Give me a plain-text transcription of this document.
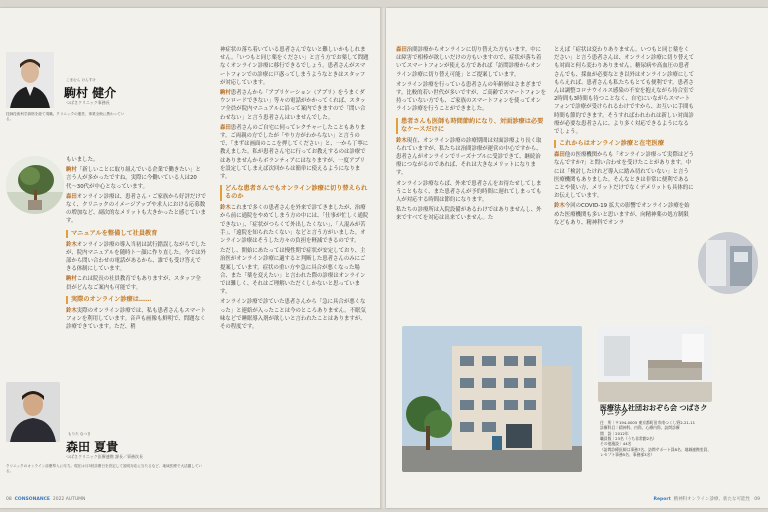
こまむら けんすけ
駒村 健介
つばさクリニック事務長
技師技術科学資格を経て現職。クリニックの運営、事業全般に携わっている。

もいました。

駒村「新しいことに取り組んでいる企業で働きたい」と言う人が多かったですね。実際に今働いている人は20代〜30代が中心となっています。

森田オンライン診療は、患者さん・ご家族から好評だけでなく、クリニックのイメージアップや求人における応募数の増加など、副次的なメリットも大きかったと感じています。

マニュアルを整備して社員教育

鈴木オンライン診療の導入当初は試行錯誤しながらでしたが、院内マニュアルを随時ト－顔に作り直した。今では外部から問い合わせの電話があるから、誰でも受け答えできる体制にしています。

駒村これは院長の社員教育でもありますが、スタッフ全員がどんなご案内も可能です。

実際のオンライン診療は……

鈴木実際のオンライン診療では、私も患者さんもスマートフォンを利用しています。音声も画像も鮮明で、問題なく診療できています。ただ、稍

もりた なつき
森田 夏貴
つばさクリニック医療連携 課長／事務次長
クリニックのオンライン診療導入に尽力。現在は月3回診療日を設定して説明対応に当たるなど、地域医療で大活躍している。

神症状の落ち着いている患者さんでないと難しいかもしれません。「いつもと同じ薬をください」と言う方でお薬して問題なくオンライン診療に移行できるでしょう。患者さんがスマートフォンでの診療に戸惑ってしまうようなときはスタッフが対応しています。

駒村患者さんから「アプリケーション（アプリ）をうまくダウンロードできない」等々の電話がかかってくれば、スタッフ全員が院内マニュアルに沿って案内できますので「問い合わせない」と言う患者さんはいませんでした。

森田患者さんのご自宅に伺ってレクチャーしたこともあります。ご両親の方でしたが「やり方がわからない」と言うので、「まずは画面のここを押してください」と、一から丁寧に教えました。私が患者さん宅に行ってお教えするのは診療ではありませんからボランティアにはなりますが、一度アプリを設定してしまえば次回からは簡単に使えるようになります。

どんな患者さんでもオンライン診療に切り替えられるのか

鈴木これまで多くの患者さんを外来で診てきましたが、治療から前に通院をやめてしまう方の中には、「仕事が忙しく通院できない」、「症状がつらくて外出したくない」、「人混みが苦手」、「遠院を知られたくない」などと言う方がいました。オンライン診療はそうした方々の負担を軽減できるのです。

ただし、開始にあたっては慢性期で症状が安定しており、主治医がオンライン診療に適すると判断した患者さんのみにご提案しています。症状の重い方や急に具合が悪くなった場合、また「薬を変えたい」と言われた際の診療はオンラインでは難しく、それはご理解いただくしかないと思っています。

オンライン診療で診ていた患者さんから「急に具合が悪くなった」と連絡が入ったことは今のところありません。不眠気味などで睡眠導入剤が欲しいと言われたことはありますが、その程度です。

08 CONSONANCE 2022 AUTUMN

森田治間診療からオンラインに切り替えた方もいます。中には障害で相棒が欲しいだけの方もいますので、症状が落ち着いてスマートフォンが使える方であれば「訪問診療からオンライン診療に切り替え可能」とご提案しています。

オンライン診療を行っている患者さんの年齢層はさまざまです。比較的若い世代が多いですが、ご高齢でスマートフォンを持っていない方でも、ご家族のスマートフォンを使ってオンライン診療を行うことができました。

患者さんも医師も時間節約になり、対面診療は必要なケースだけに

鈴木現在、オンライン診療の診療期間は対面診療より長く取られていますが、私たちは治間診療が運営の中心ですから、患者さんがオンラインでリーズナブルに受診できて、継続治療につながるのであれば、それは大きなメリットになります。

オンライン診療ならば、外来で患者さんをお待たせしてしまうこともなく、また患者さんが予約時間に遅れてしまっても人が対応する時間は節約になります。

私たちの診療所は入院設備があるわけではありませんし、外来ですべてを対応は出来ていません。た

とえば「症状は変わりありません。いつもと同じ薬をください」と言う患者さんは、オンライン診療に切り替えても対面と何ら変わりありません。糖尿病や高血圧の患者さんでも、採血が必要なとき以外はオンライン診療にしてもらえれば、患者さんも私たちもとても便利です。患者さんは調整コロナウイルス感染の不安を抱えながら待合室で2時間も3時間も待つことなく、自宅にいながらスマートフォンで診療が受けられるわけですから、お互いに手間も時間も節約できます。そうすればわれわれは新しい対面診療が必要な患者さんに、より多く対応できるようになるでしょう。

これからはオンライン診療と在宅医療

森田他の医療機関からも「オンライン診療って実際はどうなんですか?」と問い合わせを受けたことがあります。中には「検討したけれど導入に踏み切れていない」と言う医療機関もありました。そんなときは非常に便利であることや使い方、メリットだけでなくデメリットも具体的にお伝えしています。

鈴木今回のCOVID-19 拡大の影響でオンライン診療を始めた医療機関も多いと思いますが、向精神薬の処方制限などもあり、精神科でオンラ

医療法人社団おおぞら会 つばさクリニック
住　所｜〒194-0005 東京都町田市南つくし野2-21-11
診療科目｜精神科、内科、心療内科、訪問診療
開　設｜2012年
職員数｜23名（うち非常勤2名）
その他施設｜44名
（訪問診療医師は事務7名、訪問サポート員8名、地域連携室員、レセプト事務5名、事務部3名）
Report 精神科オンライン診療、新たな可能性 09
